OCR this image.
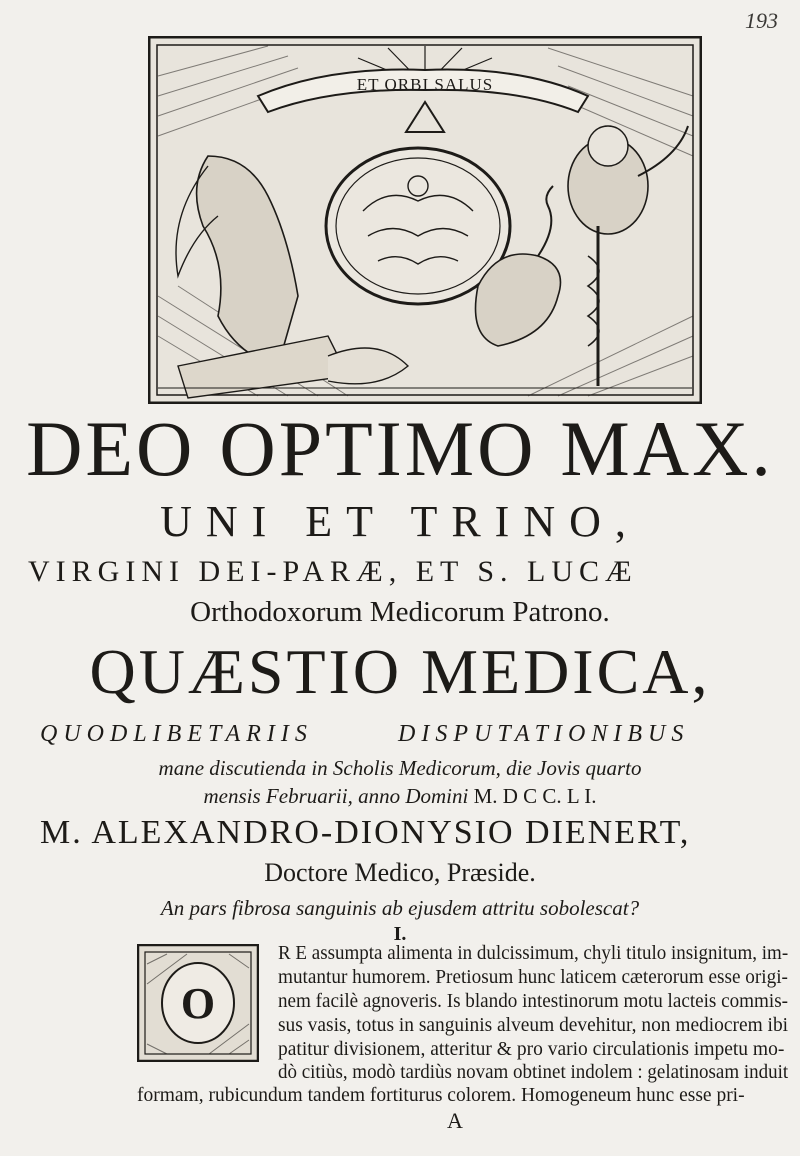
193
ET ORBI SALUS
DEO OPTIMO MAX.
UNI ET TRINO,
VIRGINI DEI-PARÆ, ET S. LUCÆ
Orthodoxorum Medicorum Patrono.
QUÆSTIO MEDICA,
QUODLIBETARIIS	DISPUTATIONIBUS
mane discutienda in Scholis Medicorum, die Jovis quarto
mensis Februarii, anno Domini M. D C C. L I.
M. ALEXANDRO-DIONYSIO DIENERT,
Doctore Medico, Præside.
An pars fibrosa sanguinis ab ejusdem attritu sobolescat?
I.
O
R E assumpta alimenta in dulcissimum, chyli titulo insignitum, im-
mutantur humorem. Pretiosum hunc laticem cæterorum esse origi-
nem facilè agnoveris. Is blando intestinorum motu lacteis commis-
sus vasis, totus in sanguinis alveum devehitur, non mediocrem ibi
patitur divisionem, atteritur & pro vario circulationis impetu mo-
dò citiùs, modò tardiùs novam obtinet indolem : gelatinosam induit
formam, rubicundum tandem fortiturus colorem. Homogeneum hunc esse pri-
A
